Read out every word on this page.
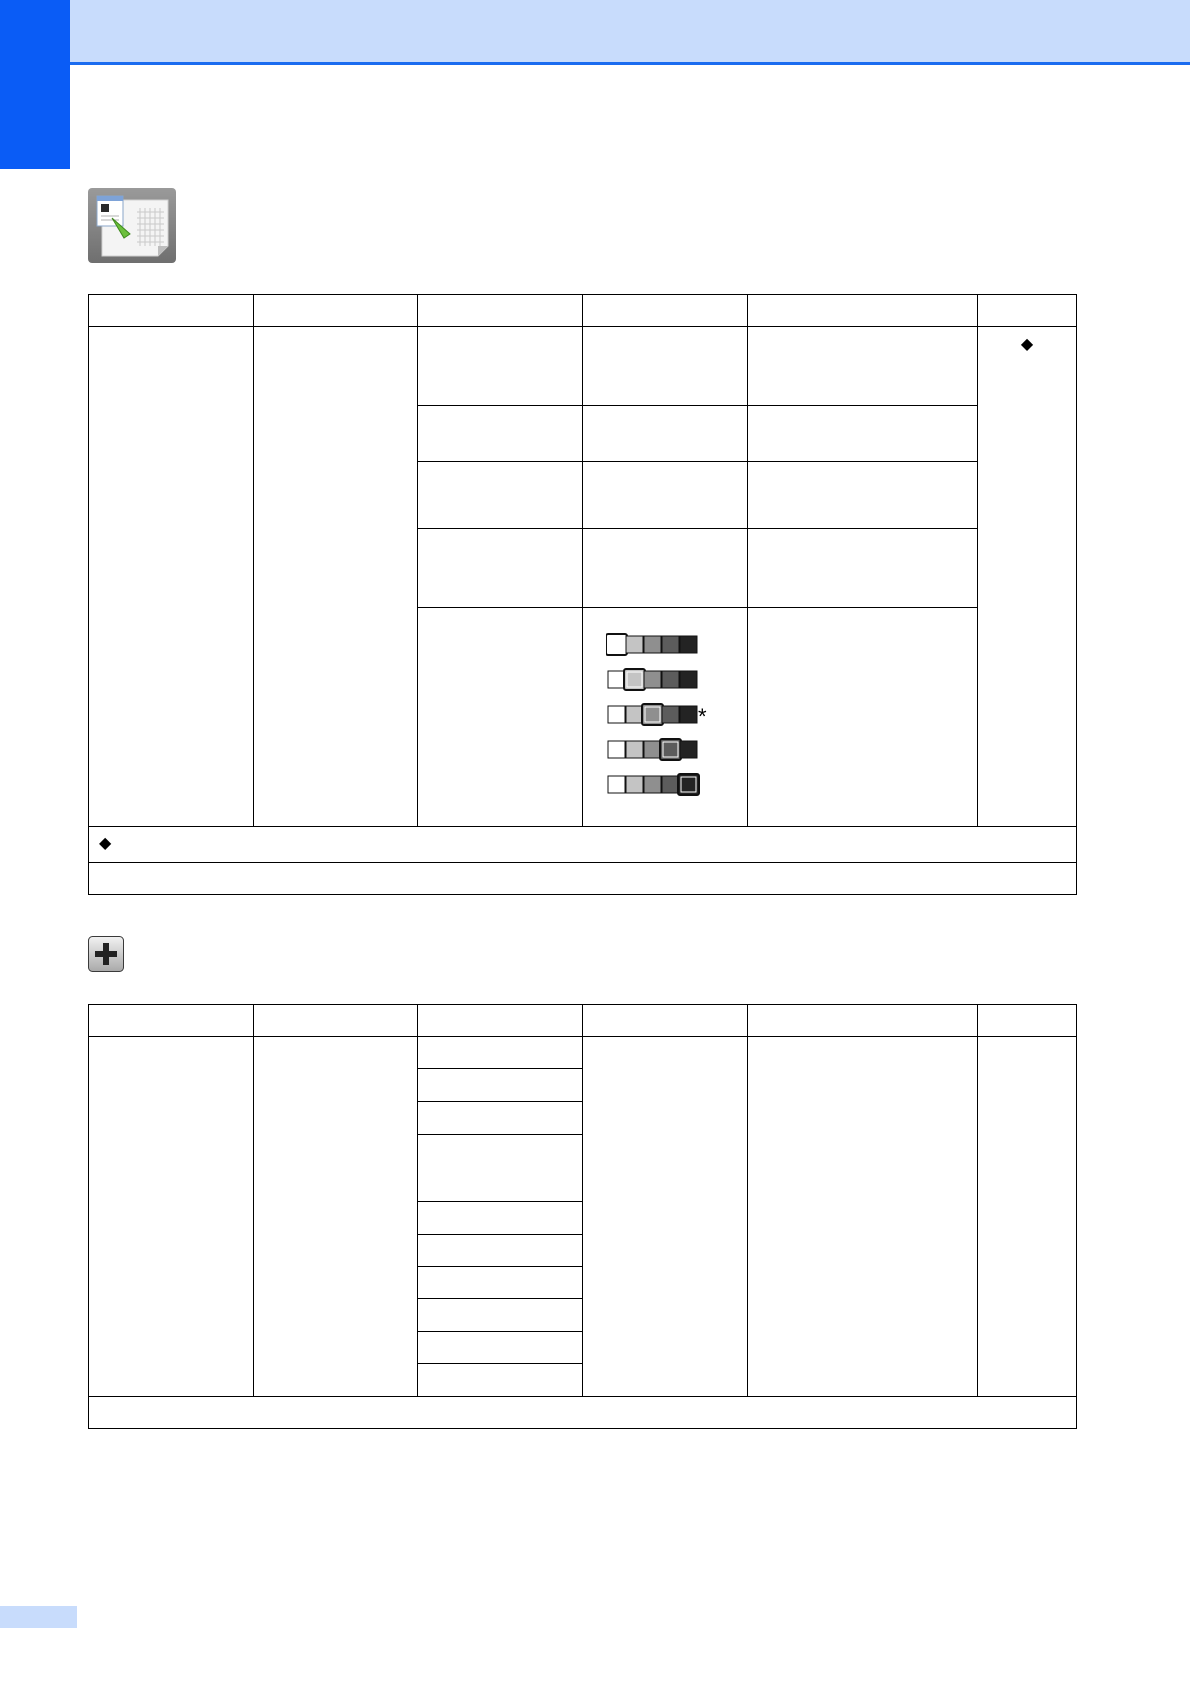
					◆

			*		

◆					
